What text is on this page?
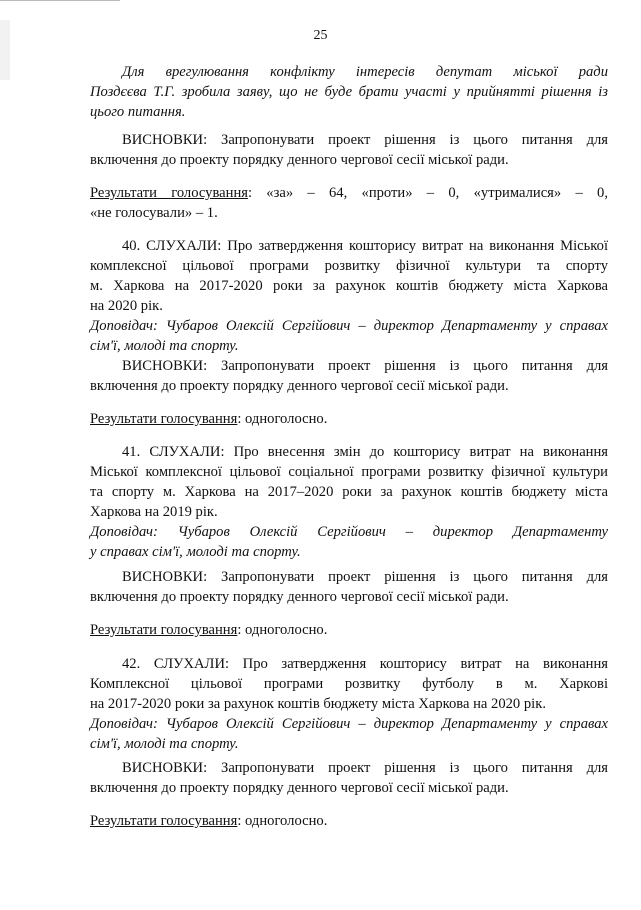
25
Для врегулювання конфлікту інтересів депутат міської ради
Поздєєва Т.Г. зробила заяву, що не буде брати участі у прийнятті рішення із
цього питання.
ВИСНОВКИ: Запропонувати проект рішення із цього питання для
включення до проекту порядку денного чергової сесії міської ради.
Результати голосування: «за» – 64, «проти» – 0, «утрималися» – 0,
«не голосували» – 1.
40. СЛУХАЛИ: Про затвердження кошторису витрат на виконання Міської
комплексної цільової програми розвитку фізичної культури та спорту
м. Харкова на 2017-2020 роки за рахунок коштів бюджету міста Харкова
на 2020 рік.
Доповідач: Чубаров Олексій Сергійович – директор Департаменту у справах
сім'ї, молоді та спорту.
ВИСНОВКИ: Запропонувати проект рішення із цього питання для
включення до проекту порядку денного чергової сесії міської ради.
Результати голосування: одноголосно.
41. СЛУХАЛИ: Про внесення змін до кошторису витрат на виконання
Міської комплексної цільової соціальної програми розвитку фізичної культури
та спорту м. Харкова на 2017–2020 роки за рахунок коштів бюджету міста
Харкова на 2019 рік.
Доповідач: Чубаров Олексій Сергійович – директор Департаменту
у справах сім'ї, молоді та спорту.
ВИСНОВКИ: Запропонувати проект рішення із цього питання для
включення до проекту порядку денного чергової сесії міської ради.
Результати голосування: одноголосно.
42. СЛУХАЛИ: Про затвердження кошторису витрат на виконання
Комплексної цільової програми розвитку футболу в м. Харкові
на 2017-2020 роки за рахунок коштів бюджету міста Харкова на 2020 рік.
Доповідач: Чубаров Олексій Сергійович – директор Департаменту у справах
сім'ї, молоді та спорту.
ВИСНОВКИ: Запропонувати проект рішення із цього питання для
включення до проекту порядку денного чергової сесії міської ради.
Результати голосування: одноголосно.
